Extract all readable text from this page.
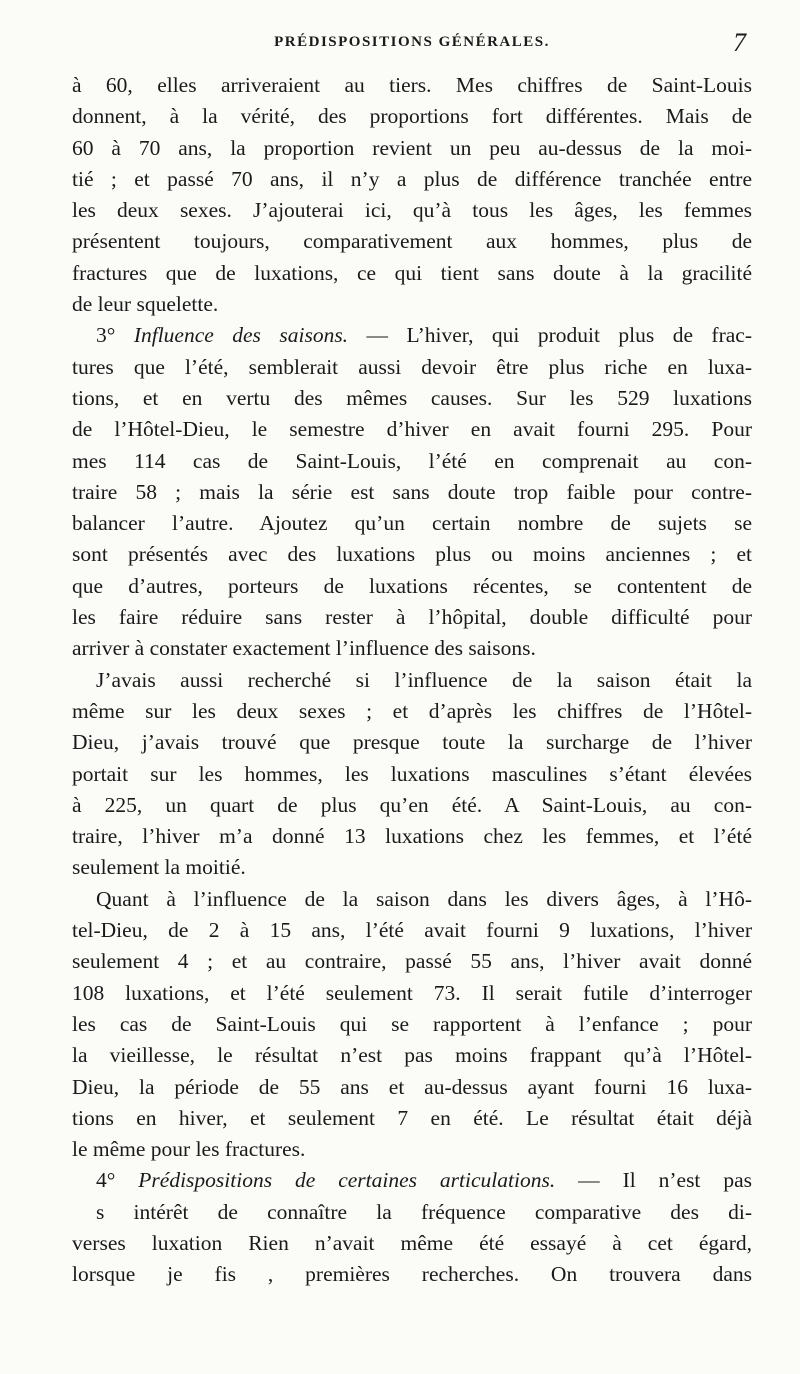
PRÉDISPOSITIONS GÉNÉRALES.	7
à 60, elles arriveraient au tiers. Mes chiffres de Saint-Louis
donnent, à la vérité, des proportions fort différentes. Mais de
60 à 70 ans, la proportion revient un peu au-dessus de la moi-
tié ; et passé 70 ans, il n’y a plus de différence tranchée entre
les deux sexes. J’ajouterai ici, qu’à tous les âges, les femmes
présentent toujours, comparativement aux hommes, plus de
fractures que de luxations, ce qui tient sans doute à la gracilité
de leur squelette.
3° Influence des saisons. — L’hiver, qui produit plus de frac-
tures que l’été, semblerait aussi devoir être plus riche en luxa-
tions, et en vertu des mêmes causes. Sur les 529 luxations
de l’Hôtel-Dieu, le semestre d’hiver en avait fourni 295. Pour
mes 114 cas de Saint-Louis, l’été en comprenait au con-
traire 58 ; mais la série est sans doute trop faible pour contre-
balancer l’autre. Ajoutez qu’un certain nombre de sujets se
sont présentés avec des luxations plus ou moins anciennes ; et
que d’autres, porteurs de luxations récentes, se contentent de
les faire réduire sans rester à l’hôpital, double difficulté pour
arriver à constater exactement l’influence des saisons.
J’avais aussi recherché si l’influence de la saison était la
même sur les deux sexes ; et d’après les chiffres de l’Hôtel-
Dieu, j’avais trouvé que presque toute la surcharge de l’hiver
portait sur les hommes, les luxations masculines s’étant élevées
à 225, un quart de plus qu’en été. A Saint-Louis, au con-
traire, l’hiver m’a donné 13 luxations chez les femmes, et l’été
seulement la moitié.
Quant à l’influence de la saison dans les divers âges, à l’Hô-
tel-Dieu, de 2 à 15 ans, l’été avait fourni 9 luxations, l’hiver
seulement 4 ; et au contraire, passé 55 ans, l’hiver avait donné
108 luxations, et l’été seulement 73. Il serait futile d’interroger
les cas de Saint-Louis qui se rapportent à l’enfance ; pour
la vieillesse, le résultat n’est pas moins frappant qu’à l’Hôtel-
Dieu, la période de 55 ans et au-dessus ayant fourni 16 luxa-
tions en hiver, et seulement 7 en été. Le résultat était déjà
le même pour les fractures.
4° Prédispositions de certaines articulations. — Il n’est pas
s intérêt de connaître la fréquence comparative des di-
verses luxation Rien n’avait même été essayé à cet égard,
lorsque je fis , premières recherches. On trouvera dans
